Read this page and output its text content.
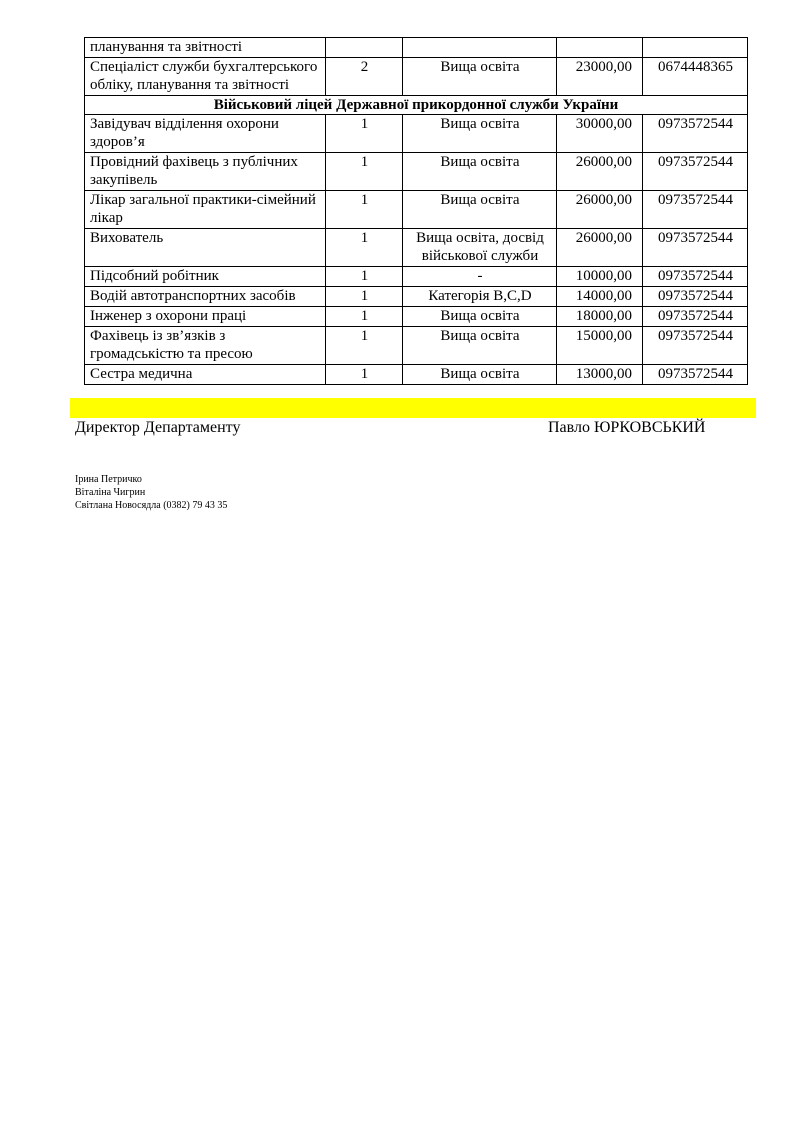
планування та звітності				
Спеціаліст служби бухгалтерського обліку, планування та звітності	2	Вища освіта	23000,00	0674448365
Військовий ліцей Державної прикордонної служби України				
Завідувач відділення охорони здоров’я	1	Вища освіта	30000,00	0973572544
Провідний фахівець з публічних закупівель	1	Вища освіта	26000,00	0973572544
Лікар загальної практики-сімейний лікар	1	Вища освіта	26000,00	0973572544
Вихователь	1	Вища освіта, досвід військової служби	26000,00	0973572544
Підсобний робітник	1	-	10000,00	0973572544
Водій автотранспортних засобів	1	Категорія В,С,D	14000,00	0973572544
Інженер з охорони праці	1	Вища освіта	18000,00	0973572544
Фахівець із зв’язків з громадськістю та пресою	1	Вища освіта	15000,00	0973572544
Сестра медична	1	Вища освіта	13000,00	0973572544
Директор Департаменту	Павло ЮРКОВСЬКИЙ
Ірина Петричко
Віталіна Чигрин
Світлана Новосядла (0382) 79 43 35
